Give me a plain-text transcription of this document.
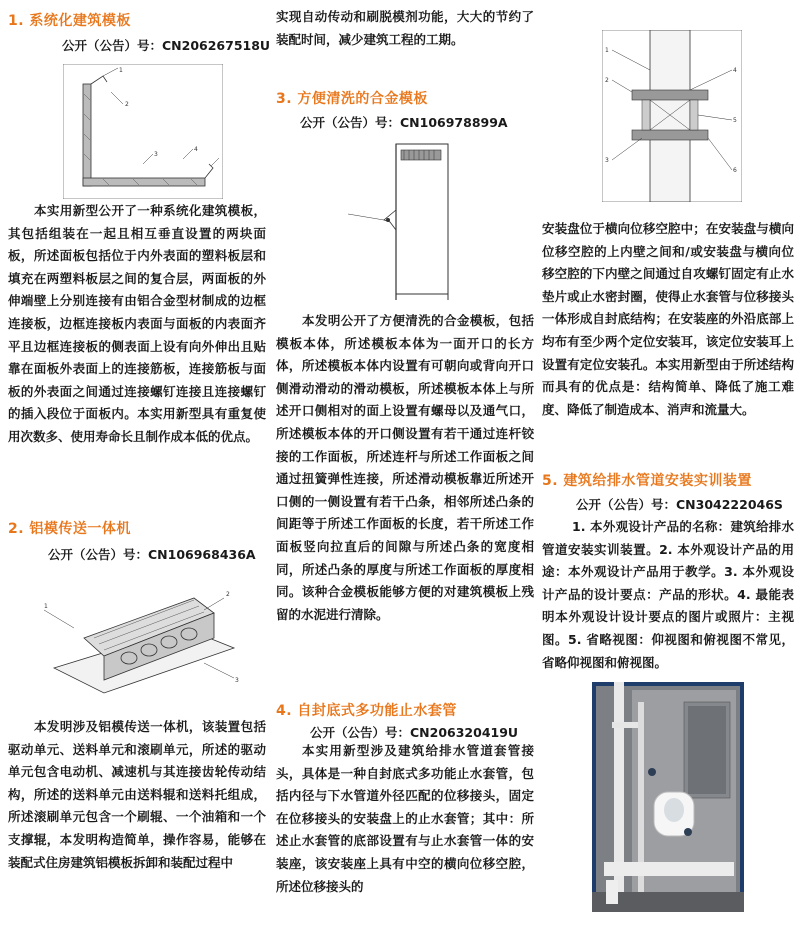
1. 系统化建筑模板
公开（公告）号：CN206267518U
1
2
3
4

本实用新型公开了一种系统化建筑模板，其包括组装在一起且相互垂直设置的两块面板，所述面板包括位于内外表面的塑料板层和填充在两塑料板层之间的复合层，两面板的外伸端壁上分别连接有由铝合金型材制成的边框连接板，边框连接板内表面与面板的内表面齐平且边框连接板的侧表面上设有向外伸出且贴靠在面板外表面上的连接筋板，连接筋板与面板的外表面之间通过连接螺钉连接且连接螺钉的插入段位于面板内。本实用新型具有重复使用次数多、使用寿命长且制作成本低的优点。

2. 铝模传送一体机
公开（公告）号：CN106968436A
1
2
3

本发明涉及铝模传送一体机，该装置包括驱动单元、送料单元和滚刷单元，所述的驱动单元包含电动机、减速机与其连接齿轮传动结构，所述的送料单元由送料辊和送料托组成，所述滚刷单元包含一个刷辊、一个油箱和一个支撑辊，本发明构造简单，操作容易，能够在装配式住房建筑铝模板拆卸和装配过程中

实现自动传动和刷脱模剂功能，大大的节约了装配时间，减少建筑工程的工期。

3. 方便清洗的合金模板
公开（公告）号：CN106978899A

本发明公开了方便清洗的合金模板，包括模板本体，所述模板本体为一面开口的长方体，所述模板本体内设置有可朝向或背向开口侧滑动滑动的滑动模板，所述模板本体上与所述开口侧相对的面上设置有螺母以及通气口，所述模板本体的开口侧设置有若干通过连杆铰接的工作面板，所述连杆与所述工作面板之间通过扭簧弹性连接，所述滑动模板靠近所述开口侧的一侧设置有若干凸条，相邻所述凸条的间距等于所述工作面板的长度，若干所述工作面板竖向拉直后的间隙与所述凸条的宽度相同，所述凸条的厚度与所述工作面板的厚度相同。该种合金模板能够方便的对建筑模板上残留的水泥进行清除。

4. 自封底式多功能止水套管
公开（公告）号：CN206320419U

本实用新型涉及建筑给排水管道套管接头，具体是一种自封底式多功能止水套管，包括内径与下水管道外径匹配的位移接头，固定在位移接头的安装盘上的止水套管；其中：所述止水套管的底部设置有与止水套管一体的安装座，该安装座上具有中空的横向位移空腔，所述位移接头的

1
2
3
4
5
6

安装盘位于横向位移空腔中；在安装盘与横向位移空腔的上内壁之间和/或安装盘与横向位移空腔的下内壁之间通过自攻螺钉固定有止水垫片或止水密封圈，使得止水套管与位移接头一体形成自封底结构；在安装座的外沿底部上均布有至少两个定位安装耳，该定位安装耳上设置有定位安装孔。本实用新型由于所述结构而具有的优点是：结构简单、降低了施工难度、降低了制造成本、消声和流量大。

5. 建筑给排水管道安装实训装置
公开（公告）号：CN304222046S

1. 本外观设计产品的名称：建筑给排水管道安装实训装置。2. 本外观设计产品的用途：本外观设计产品用于教学。3. 本外观设计产品的设计要点：产品的形状。4. 最能表明本外观设计设计要点的图片或照片：主视图。5. 省略视图：仰视图和俯视图不常见，省略仰视图和俯视图。
